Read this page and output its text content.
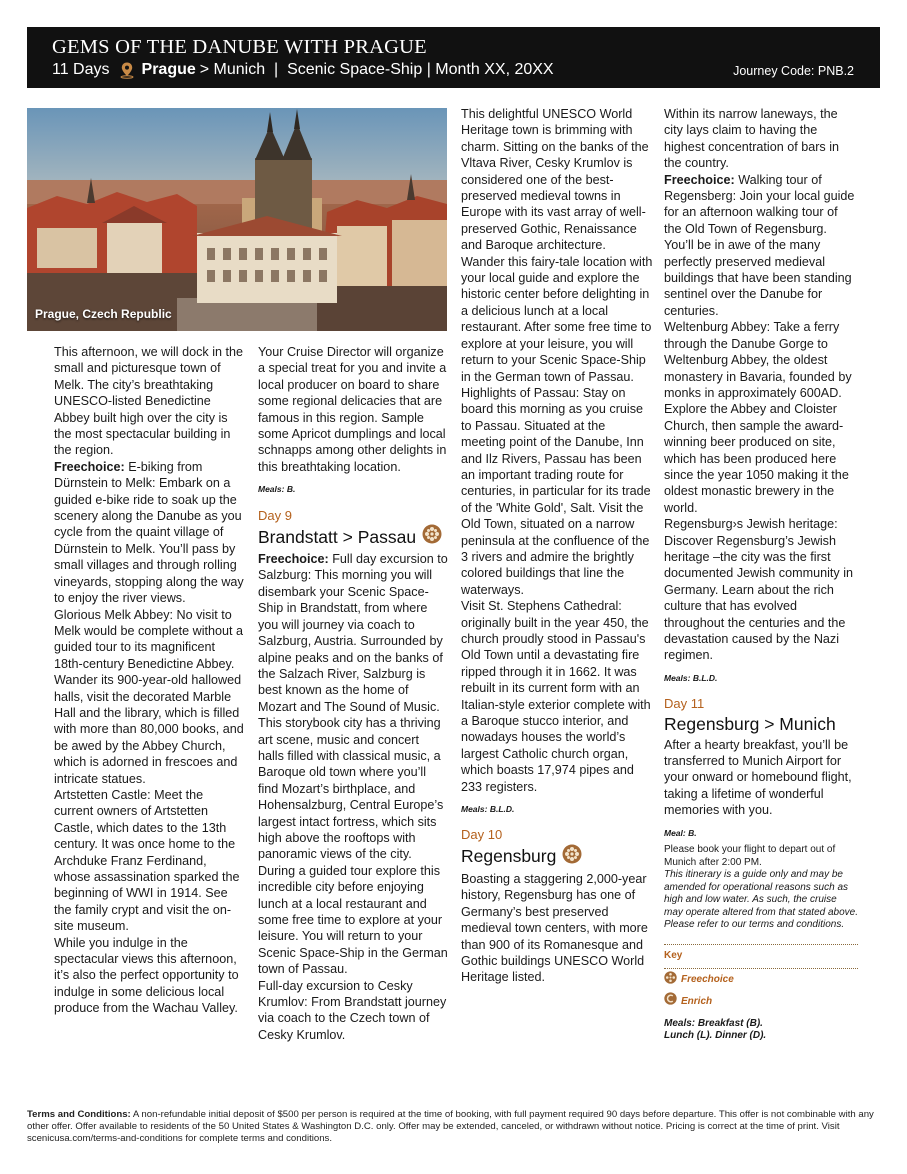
GEMS OF THE DANUBE WITH PRAGUE
11 Days Prague > Munich  |  Scenic Space-Ship | Month XX, 20XX	Journey Code: PNB.2
Prague, Czech Republic

This afternoon, we will dock in the small and picturesque town of Melk. The city’s breathtaking UNESCO-listed Benedictine Abbey built high over the city is the most spectacular building in the region.

Freechoice: E-biking from Dürnstein to Melk: Embark on a guided e-bike ride to soak up the scenery along the Danube as you cycle from the quaint village of Dürnstein to Melk. You’ll pass by small villages and through rolling vineyards, stopping along the way to enjoy the river views.

Glorious Melk Abbey: No visit to Melk would be complete without a guided tour to its magnificent 18th-century Benedictine Abbey.

Wander its 900-year-old hallowed halls, visit the decorated Marble Hall and the library, which is filled with more than 80,000 books, and be awed by the Abbey Church, which is adorned in frescoes and intricate statues.

Artstetten Castle: Meet the current owners of Artstetten Castle, which dates to the 13th century. It was once home to the Archduke Franz Ferdinand, whose assassination sparked the beginning of WWI in 1914. See the family crypt and visit the on-site museum.

While you indulge in the spectacular views this afternoon, it’s also the perfect opportunity to indulge in some delicious local produce from the Wachau Valley.

Your Cruise Director will organize a special treat for you and invite a local producer on board to share some regional delicacies that are famous in this region. Sample some Apricot dumplings and local schnapps among other delights in this breathtaking location.

Meals: B.
Day 9
Brandstatt > Passau

Freechoice: Full day excursion to Salzburg: This morning you will disembark your Scenic Space-Ship in Brandstatt, from where you will journey via coach to Salzburg, Austria. Surrounded by alpine peaks and on the banks of the Salzach River, Salzburg is best known as the home of Mozart and The Sound of Music.

This storybook city has a thriving art scene, music and concert halls filled with classical music, a Baroque old town where you’ll find Mozart’s birthplace, and Hohensalzburg, Central Europe’s largest intact fortress, which sits high above the rooftops with panoramic views of the city. During a guided tour explore this incredible city before enjoying lunch at a local restaurant and some free time to explore at your leisure. You will return to your Scenic Space-Ship in the German town of Passau.

Full-day excursion to Cesky Krumlov: From Brandstatt journey via coach to the Czech town of Cesky Krumlov.

This delightful UNESCO World Heritage town is brimming with charm. Sitting on the banks of the Vltava River, Cesky Krumlov is considered one of the best-preserved medieval towns in Europe with its vast array of well-preserved Gothic, Renaissance and Baroque architecture.

Wander this fairy-tale location with your local guide and explore the historic center before delighting in a delicious lunch at a local restaurant. After some free time to explore at your leisure, you will return to your Scenic Space-Ship in the German town of Passau.

Highlights of Passau: Stay on board this morning as you cruise to Passau. Situated at the meeting point of the Danube, Inn and Ilz Rivers, Passau has been an important trading route for centuries, in particular for its trade of the 'White Gold', Salt. Visit the Old Town, situated on a narrow peninsula at the confluence of the 3 rivers and admire the brightly colored buildings that line the waterways.

Visit St. Stephens Cathedral: originally built in the year 450, the church proudly stood in Passau's Old Town until a devastating fire ripped through it in 1662. It was rebuilt in its current form with an Italian-style exterior complete with a Baroque stucco interior, and nowadays houses the world’s largest Catholic church organ, which boasts 17,974 pipes and 233 registers.

Meals: B.L.D.
Day 10
Regensburg

Boasting a staggering 2,000-year history, Regensburg has one of Germany’s best preserved medieval town centers, with more than 900 of its Romanesque and Gothic buildings UNESCO World Heritage listed.

Within its narrow laneways, the city lays claim to having the highest concentration of bars in the country.

Freechoice: Walking tour of Regensberg: Join your local guide for an afternoon walking tour of the Old Town of Regensburg.

You’ll be in awe of the many perfectly preserved medieval buildings that have been standing sentinel over the Danube for centuries.

Weltenburg Abbey: Take a ferry through the Danube Gorge to Weltenburg Abbey, the oldest monastery in Bavaria, founded by monks in approximately 600AD. Explore the Abbey and Cloister Church, then sample the award-winning beer produced on site, which has been produced here since the year 1050 making it the oldest monastic brewery in the world.

Regensburg›s Jewish heritage: Discover Regensburg’s Jewish heritage –the city was the first documented Jewish community in Germany. Learn about the rich culture that has evolved throughout the centuries and the devastation caused by the Nazi regimen.

Meals: B.L.D.
Day 11
Regensburg > Munich

After a hearty breakfast, you’ll be transferred to Munich Airport for your onward or homebound flight, taking a lifetime of wonderful memories with you.

Meal: B.

Please book your flight to depart out of Munich after 2:00 PM.

This itinerary is a guide only and may be amended for operational reasons such as high and low water. As such, the cruise may operate altered from that stated above. Please refer to our terms and conditions.

Key
Freechoice
Enrich
Meals: Breakfast (B).
Lunch (L). Dinner (D).
Terms and Conditions: A non-refundable initial deposit of $500 per person is required at the time of booking, with full payment required 90 days before departure. This offer is not combinable with any other offer. Offer available to residents of the 50 United States & Washington D.C. only. Offer may be extended, canceled, or withdrawn without notice. Pricing is correct at the time of print. Visit scenicusa.com/terms-and-conditions for complete terms and conditions.
